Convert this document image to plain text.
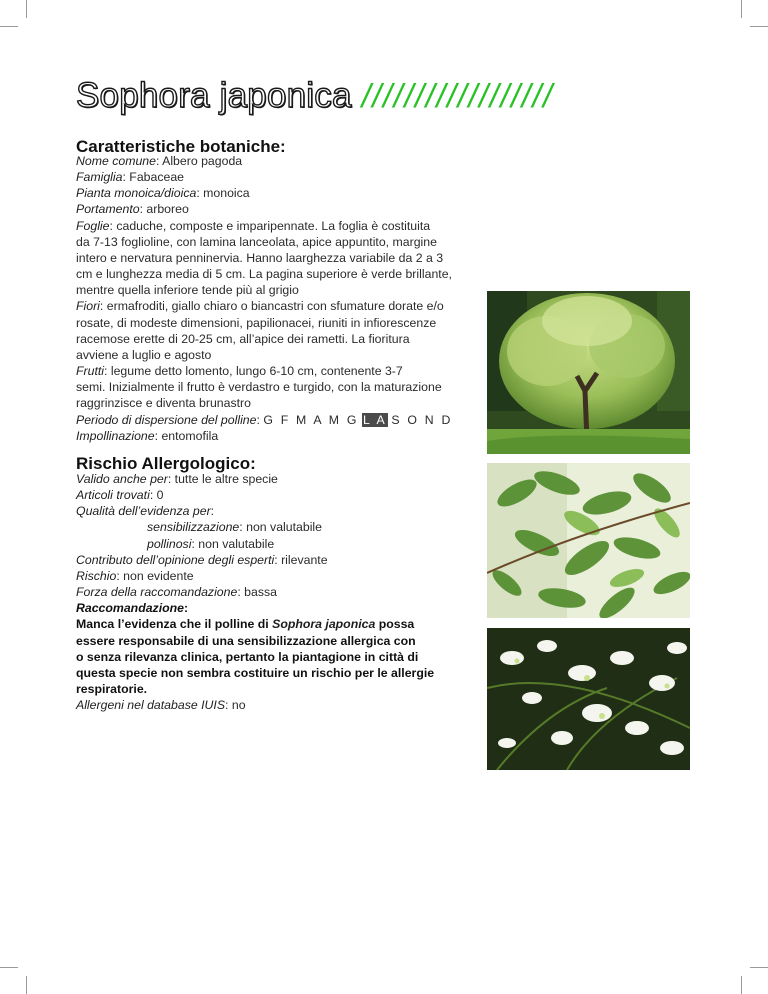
Sophora japonica //////////////////
Caratteristiche botaniche:
Nome comune: Albero pagoda
Famiglia: Fabaceae
Pianta monoica/dioica: monoica
Portamento: arboreo
Foglie: caduche, composte e imparipennate. La foglia è costituita
da 7-13 foglioline, con lamina lanceolata, apice appuntito, margine
intero e nervatura penninervia. Hanno laarghezza variabile da 2 a 3
cm e lunghezza media di 5 cm. La pagina superiore è verde brillante,
mentre quella inferiore tende più al grigio
Fiori: ermafroditi, giallo chiaro o biancastri con sfumature dorate e/o
rosate, di modeste dimensioni, papilionacei, riuniti in infiorescenze
racemose erette di 20-25 cm, all’apice dei rametti. La fioritura
avviene a luglio e agosto
Frutti: legume detto lomento, lungo 6-10 cm, contenente 3-7
semi. Inizialmente il frutto è verdastro e turgido, con la maturazione
raggrinzisce e diventa brunastro
Periodo di dispersione del polline: G F M A M G L A S O N D
Impollinazione: entomofila
Rischio Allergologico:
Valido anche per: tutte le altre specie
Articoli trovati: 0
Qualità dell’evidenza per:
sensibilizzazione: non valutabile
pollinosi: non valutabile
Contributo dell’opinione degli esperti: rilevante
Rischio: non evidente
Forza della raccomandazione: bassa
Raccomandazione:
Manca l’evidenza che il polline di Sophora japonica possa
essere responsabile di una sensibilizzazione allergica con
o senza rilevanza clinica, pertanto la piantagione in città di
questa specie non sembra costituire un rischio per le allergie
respiratorie.
Allergeni nel database IUIS: no
